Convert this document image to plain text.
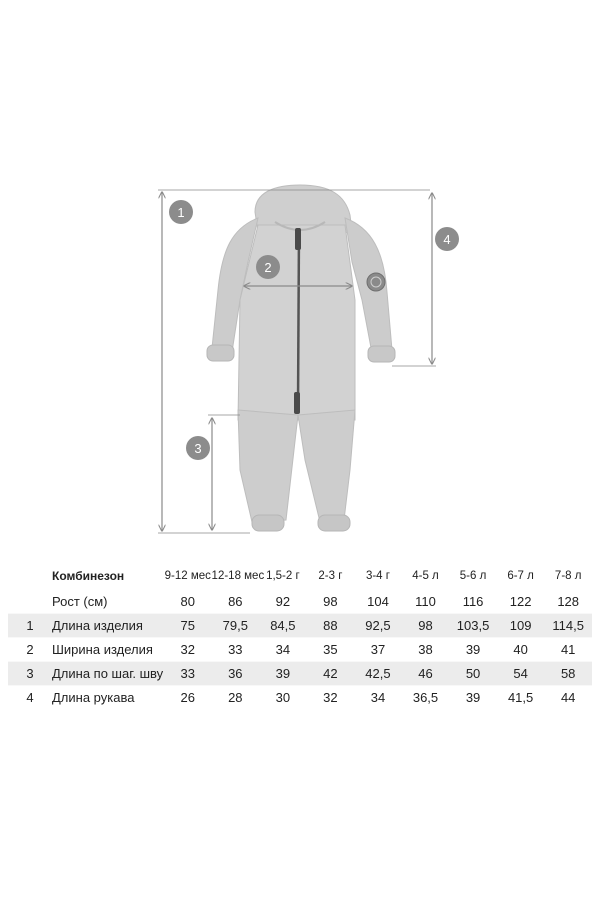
1
2
3
4
	Комбинезон	9-12 мес	12-18 мес	1,5-2 г	2-3 г	3-4 г	4-5 л	5-6 л	6-7 л	7-8 л
	Рост (см)	80	86	92	98	104	110	116	122	128
1	Длина изделия	75	79,5	84,5	88	92,5	98	103,5	109	114,5
2	Ширина изделия	32	33	34	35	37	38	39	40	41
3	Длина по шаг. шву	33	36	39	42	42,5	46	50	54	58
4	Длина рукава	26	28	30	32	34	36,5	39	41,5	44
